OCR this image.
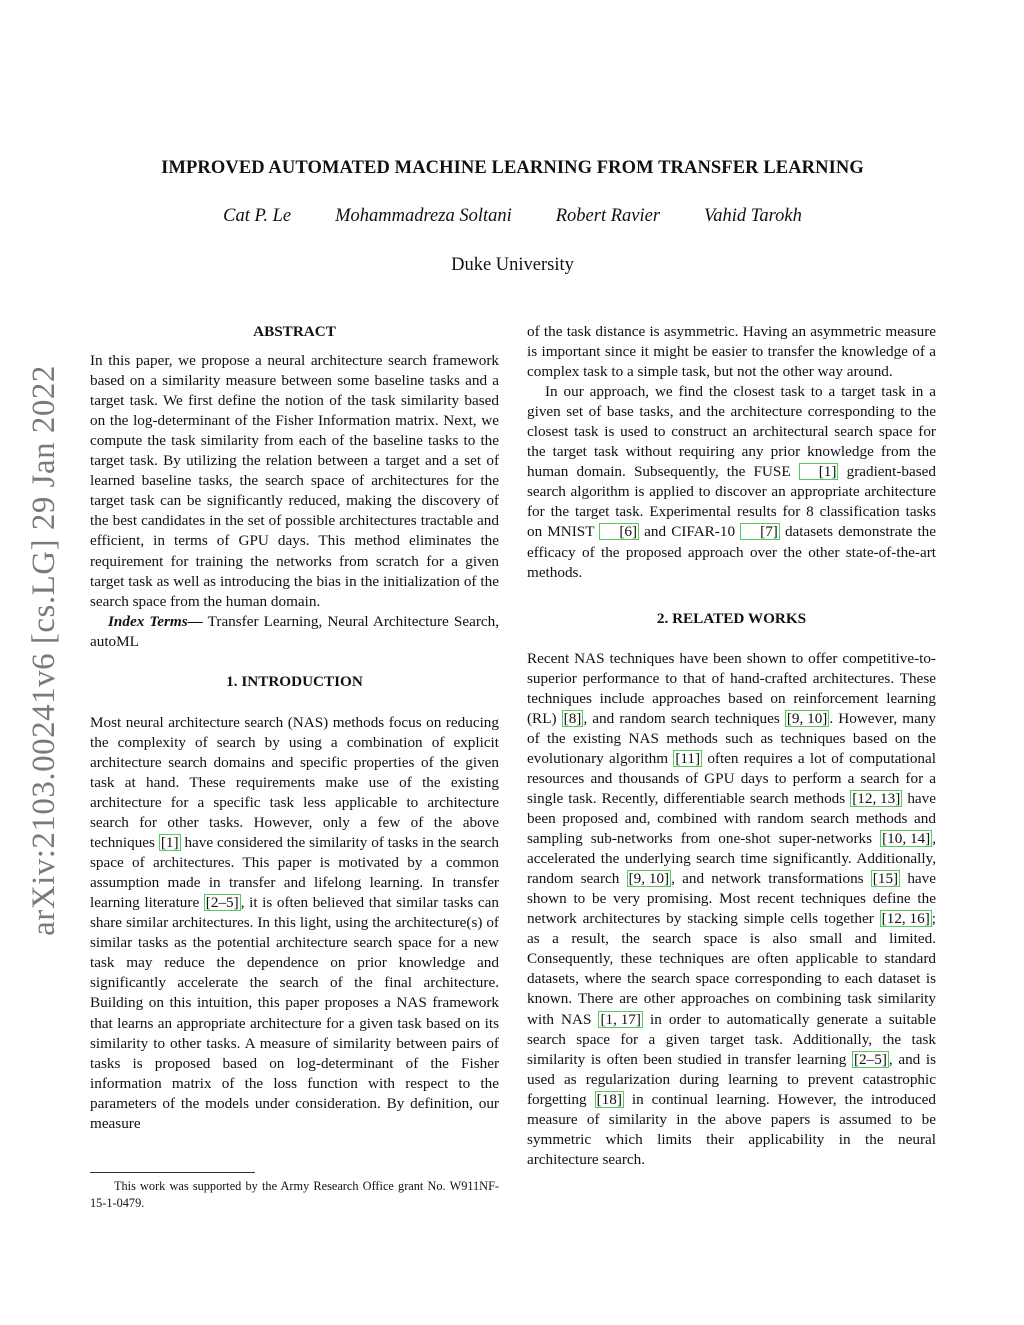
arXiv:2103.00241v6 [cs.LG] 29 Jan 2022
IMPROVED AUTOMATED MACHINE LEARNING FROM TRANSFER LEARNING
Cat P. Le Mohammadreza Soltani Robert Ravier Vahid Tarokh
Duke University
ABSTRACT

In this paper, we propose a neural architecture search framework based on a similarity measure between some baseline tasks and a target task. We first define the notion of the task similarity based on the log-determinant of the Fisher Information matrix. Next, we compute the task similarity from each of the baseline tasks to the target task. By utilizing the relation between a target and a set of learned baseline tasks, the search space of architectures for the target task can be significantly reduced, making the discovery of the best candidates in the set of possible architectures tractable and efficient, in terms of GPU days. This method eliminates the requirement for training the networks from scratch for a given target task as well as introducing the bias in the initialization of the search space from the human domain.

Index Terms— Transfer Learning, Neural Architecture Search, autoML

1. INTRODUCTION

Most neural architecture search (NAS) methods focus on reducing the complexity of search by using a combination of explicit architecture search domains and specific properties of the given task at hand. These requirements make use of the existing architecture for a specific task less applicable to architecture search for other tasks. However, only a few of the above techniques [1] have considered the similarity of tasks in the search space of architectures. This paper is motivated by a common assumption made in transfer and lifelong learning. In transfer learning literature [2–5] , it is often believed that similar tasks can share similar architectures. In this light, using the architecture(s) of similar tasks as the potential architecture search space for a new task may reduce the dependence on prior knowledge and significantly accelerate the search of the final architecture. Building on this intuition, this paper proposes a NAS framework that learns an appropriate architecture for a given task based on its similarity to other tasks. A measure of similarity between pairs of tasks is proposed based on log-determinant of the Fisher information matrix of the loss function with respect to the parameters of the models under consideration. By definition, our measure

This work was supported by the Army Research Office grant No. W911NF-15-1-0479.

of the task distance is asymmetric. Having an asymmetric measure is important since it might be easier to transfer the knowledge of a complex task to a simple task, but not the other way around.

In our approach, we find the closest task to a target task in a given set of base tasks, and the architecture corresponding to the closest task is used to construct an architectural search space for the target task without requiring any prior knowledge from the human domain. Subsequently, the FUSE [1] gradient-based search algorithm is applied to discover an appropriate architecture for the target task. Experimental results for 8 classification tasks on MNIST [6] and CIFAR-10 [7] datasets demonstrate the efficacy of the proposed approach over the other state-of-the-art methods.

2. RELATED WORKS

Recent NAS techniques have been shown to offer competitive-to-superior performance to that of hand-crafted architectures. These techniques include approaches based on reinforcement learning (RL) [8] , and random search techniques [9, 10] . However, many of the existing NAS methods such as techniques based on the evolutionary algorithm [11] often requires a lot of computational resources and thousands of GPU days to perform a search for a single task. Recently, differentiable search methods [12, 13] have been proposed and, combined with random search methods and sampling sub-networks from one-shot super-networks [10, 14] , accelerated the underlying search time significantly. Additionally, random search [9, 10] , and network transformations [15] have shown to be very promising. Most recent techniques define the network architectures by stacking simple cells together [12, 16] ; as a result, the search space is also small and limited. Consequently, these techniques are often applicable to standard datasets, where the search space corresponding to each dataset is known. There are other approaches on combining task similarity with NAS [1, 17] in order to automatically generate a suitable search space for a given target task. Additionally, the task similarity is often been studied in transfer learning [2–5] , and is used as regularization during learning to prevent catastrophic forgetting [18] in continual learning. However, the introduced measure of similarity in the above papers is assumed to be symmetric which limits their applicability in the neural architecture search.
